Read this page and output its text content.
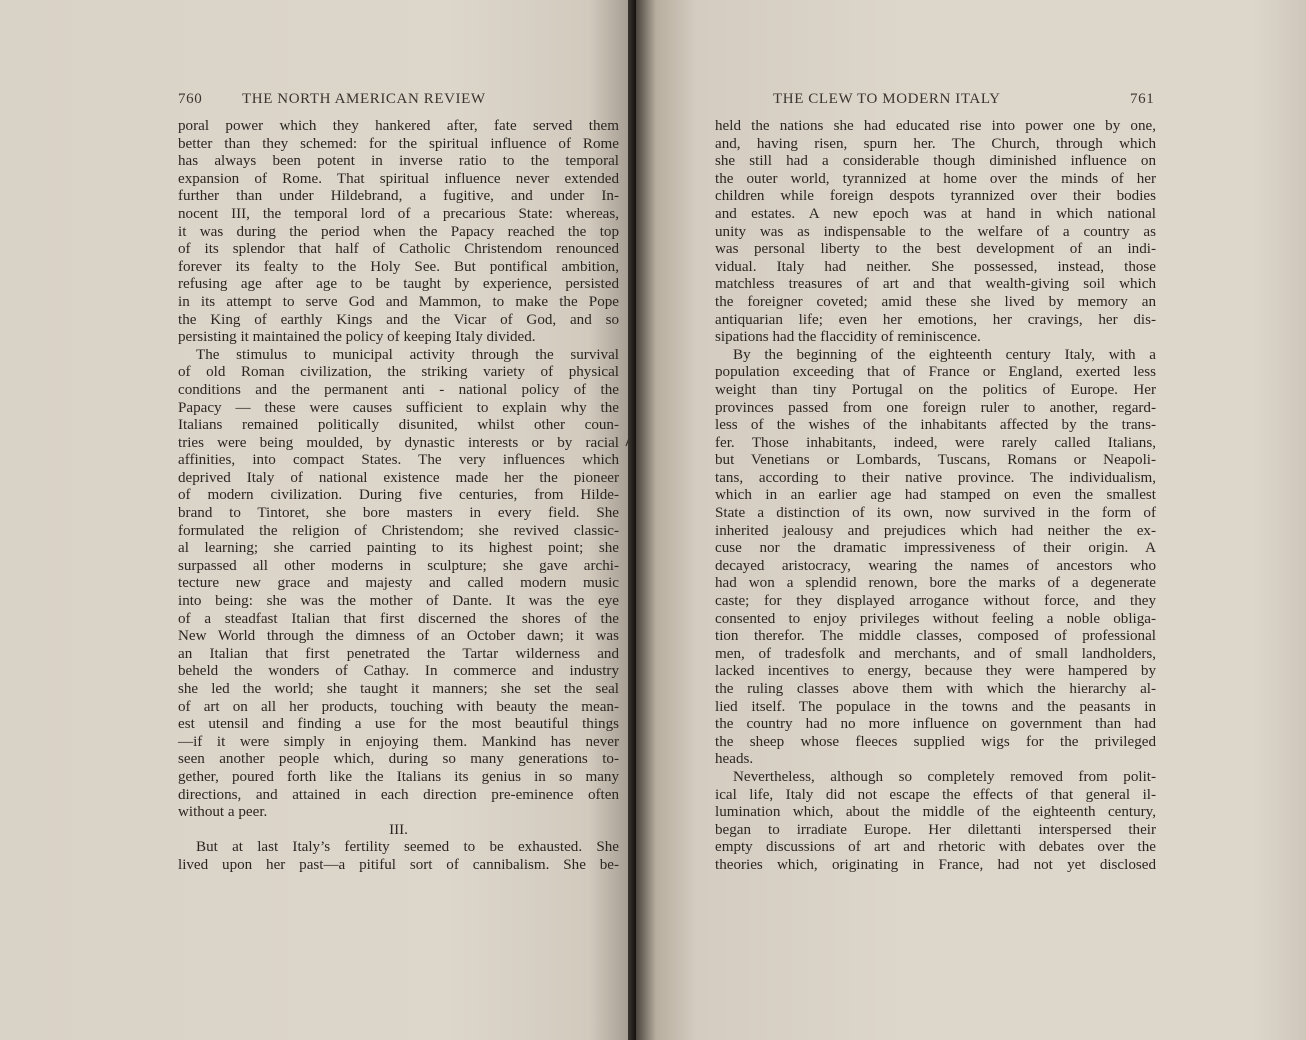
760	THE NORTH AMERICAN REVIEW
poral power which they hankered after, fate served them
better than they schemed: for the spiritual influence of Rome
has always been potent in inverse ratio to the temporal
expansion of Rome. That spiritual influence never extended
further than under Hildebrand, a fugitive, and under In-
nocent III, the temporal lord of a precarious State: whereas,
it was during the period when the Papacy reached the top
of its splendor that half of Catholic Christendom renounced
forever its fealty to the Holy See. But pontifical ambition,
refusing age after age to be taught by experience, persisted
in its attempt to serve God and Mammon, to make the Pope
the King of earthly Kings and the Vicar of God, and so
persisting it maintained the policy of keeping Italy divided.
The stimulus to municipal activity through the survival
of old Roman civilization, the striking variety of physical
conditions and the permanent anti - national policy of the
Papacy — these were causes sufficient to explain why the
Italians remained politically disunited, whilst other coun-
tries were being moulded, by dynastic interests or by racial
affinities, into compact States. The very influences which
deprived Italy of national existence made her the pioneer
of modern civilization. During five centuries, from Hilde-
brand to Tintoret, she bore masters in every field. She
formulated the religion of Christendom; she revived classic-
al learning; she carried painting to its highest point; she
surpassed all other moderns in sculpture; she gave archi-
tecture new grace and majesty and called modern music
into being: she was the mother of Dante. It was the eye
of a steadfast Italian that first discerned the shores of the
New World through the dimness of an October dawn; it was
an Italian that first penetrated the Tartar wilderness and
beheld the wonders of Cathay. In commerce and industry
she led the world; she taught it manners; she set the seal
of art on all her products, touching with beauty the mean-
est utensil and finding a use for the most beautiful things
—if it were simply in enjoying them. Mankind has never
seen another people which, during so many generations to-
gether, poured forth like the Italians its genius in so many
directions, and attained in each direction pre-eminence often
without a peer.
III.
But at last Italy’s fertility seemed to be exhausted. She
lived upon her past—a pitiful sort of cannibalism. She be-
THE CLEW TO MODERN ITALY	761
held the nations she had educated rise into power one by one,
and, having risen, spurn her. The Church, through which
she still had a considerable though diminished influence on
the outer world, tyrannized at home over the minds of her
children while foreign despots tyrannized over their bodies
and estates. A new epoch was at hand in which national
unity was as indispensable to the welfare of a country as
was personal liberty to the best development of an indi-
vidual. Italy had neither. She possessed, instead, those
matchless treasures of art and that wealth-giving soil which
the foreigner coveted; amid these she lived by memory an
antiquarian life; even her emotions, her cravings, her dis-
sipations had the flaccidity of reminiscence.
By the beginning of the eighteenth century Italy, with a
population exceeding that of France or England, exerted less
weight than tiny Portugal on the politics of Europe. Her
provinces passed from one foreign ruler to another, regard-
less of the wishes of the inhabitants affected by the trans-
fer. Those inhabitants, indeed, were rarely called Italians,
but Venetians or Lombards, Tuscans, Romans or Neapoli-
tans, according to their native province. The individualism,
which in an earlier age had stamped on even the smallest
State a distinction of its own, now survived in the form of
inherited jealousy and prejudices which had neither the ex-
cuse nor the dramatic impressiveness of their origin. A
decayed aristocracy, wearing the names of ancestors who
had won a splendid renown, bore the marks of a degenerate
caste; for they displayed arrogance without force, and they
consented to enjoy privileges without feeling a noble obliga-
tion therefor. The middle classes, composed of professional
men, of tradesfolk and merchants, and of small landholders,
lacked incentives to energy, because they were hampered by
the ruling classes above them with which the hierarchy al-
lied itself. The populace in the towns and the peasants in
the country had no more influence on government than had
the sheep whose fleeces supplied wigs for the privileged
heads.
Nevertheless, although so completely removed from polit-
ical life, Italy did not escape the effects of that general il-
lumination which, about the middle of the eighteenth century,
began to irradiate Europe. Her dilettanti interspersed their
empty discussions of art and rhetoric with debates over the
theories which, originating in France, had not yet disclosed
